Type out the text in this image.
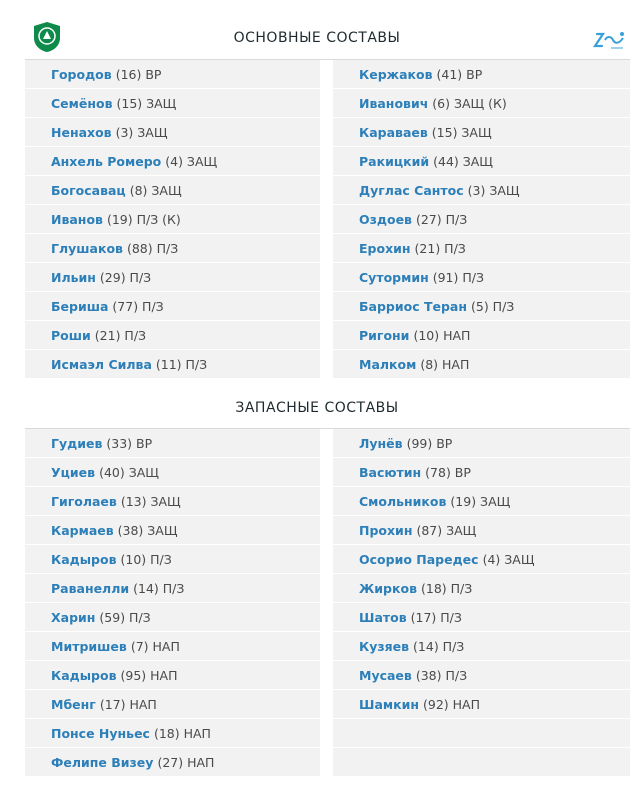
ОСНОВНЫЕ СОСТАВЫ
Городов (16) ВР
Семёнов (15) ЗАЩ
Ненахов (3) ЗАЩ
Анхель Ромеро (4) ЗАЩ
Богосавац (8) ЗАЩ
Иванов (19) П/З (К)
Глушаков (88) П/З
Ильин (29) П/З
Бериша (77) П/З
Роши (21) П/З
Исмаэл Силва (11) П/З
Кержаков (41) ВР
Иванович (6) ЗАЩ (К)
Караваев (15) ЗАЩ
Ракицкий (44) ЗАЩ
Дуглас Сантос (3) ЗАЩ
Оздоев (27) П/З
Ерохин (21) П/З
Сутормин (91) П/З
Барриос Теран (5) П/З
Ригони (10) НАП
Малком (8) НАП
ЗАПАСНЫЕ СОСТАВЫ
Гудиев (33) ВР
Уциев (40) ЗАЩ
Гиголаев (13) ЗАЩ
Кармаев (38) ЗАЩ
Кадыров (10) П/З
Раванелли (14) П/З
Харин (59) П/З
Митришев (7) НАП
Кадыров (95) НАП
Мбенг (17) НАП
Понсе Нуньес (18) НАП
Фелипе Визеу (27) НАП
Лунёв (99) ВР
Васютин (78) ВР
Смольников (19) ЗАЩ
Прохин (87) ЗАЩ
Осорио Паредес (4) ЗАЩ
Жирков (18) П/З
Шатов (17) П/З
Кузяев (14) П/З
Мусаев (38) П/З
Шамкин (92) НАП
